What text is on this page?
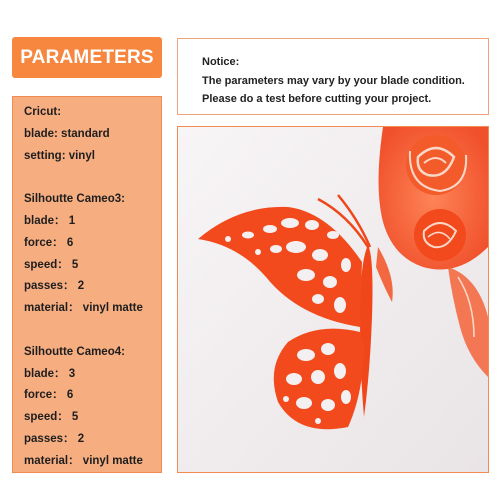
PARAMETERS	Notice:
The parameters may vary by your blade condition.
Please do a test before cutting your project.
Cricut:
blade: standard
setting: vinyl
Silhoutte Cameo3:
blade： 1
force： 6
speed： 5
passes： 2
material： vinyl matte
Silhoutte Cameo4:
blade： 3
force： 6
speed： 5
passes： 2
material： vinyl matte
